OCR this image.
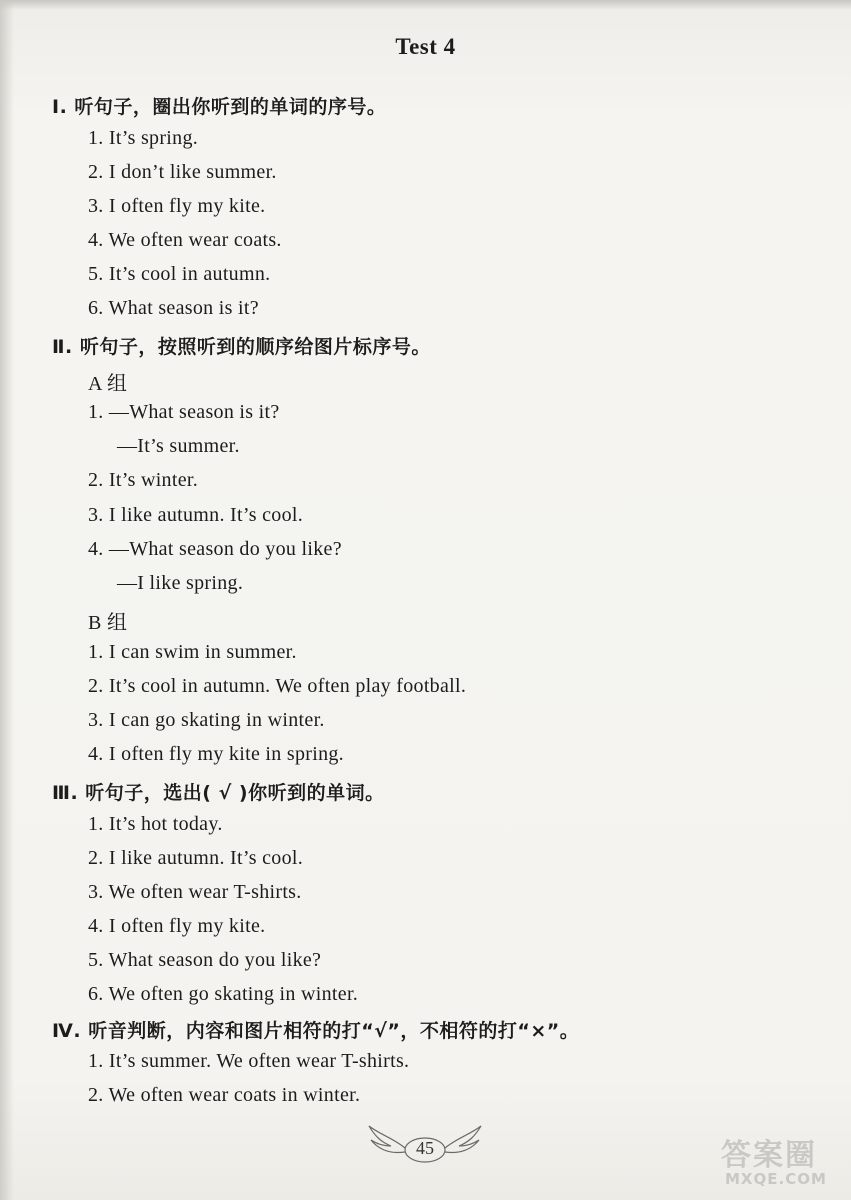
Test 4
Ⅰ. 听句子，圈出你听到的单词的序号。
1. It’s spring.
2. I don’t like summer.
3. I often fly my kite.
4. We often wear coats.
5. It’s cool in autumn.
6. What season is it?
Ⅱ. 听句子，按照听到的顺序给图片标序号。
A 组
1. —What season is it?
—It’s summer.
2. It’s winter.
3. I like autumn. It’s cool.
4. —What season do you like?
—I like spring.
B 组
1. I can swim in summer.
2. It’s cool in autumn. We often play football.
3. I can go skating in winter.
4. I often fly my kite in spring.
Ⅲ. 听句子，选出( √ )你听到的单词。
1. It’s hot today.
2. I like autumn. It’s cool.
3. We often wear T-shirts.
4. I often fly my kite.
5. What season do you like?
6. We often go skating in winter.
Ⅳ. 听音判断，内容和图片相符的打“√”，不相符的打“×”。
1. It’s summer. We often wear T-shirts.
2. We often wear coats in winter.
45	答案圈
MXQE.COM
